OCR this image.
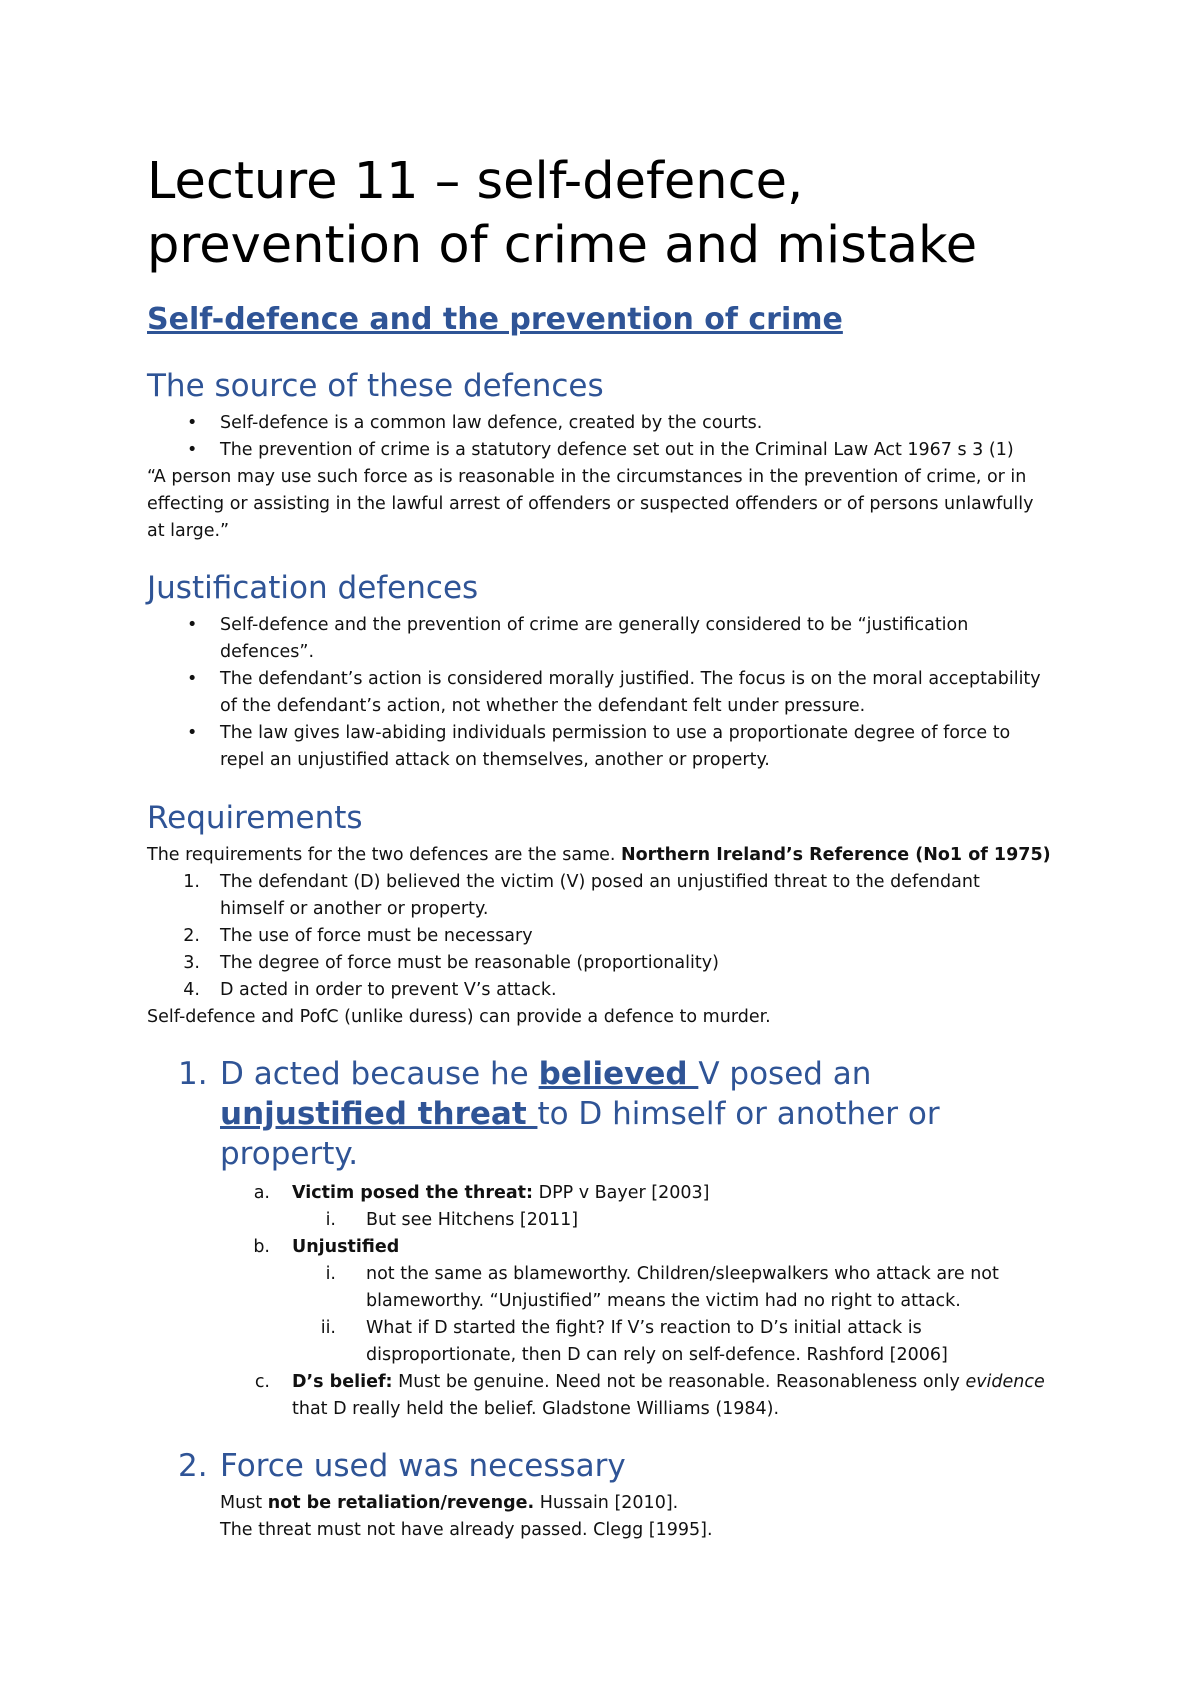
Lecture 11 – self-defence,
prevention of crime and mistake
Self-defence and the prevention of crime
The source of these defences
• Self-defence is a common law defence, created by the courts.

• The prevention of crime is a statutory defence set out in the Criminal Law Act 1967 s 3 (1)

“A person may use such force as is reasonable in the circumstances in the prevention of crime, or in

effecting or assisting in the lawful arrest of offenders or suspected offenders or of persons unlawfully

at large.”

Justification defences
• Self-defence and the prevention of crime are generally considered to be “justification

defences”.

• The defendant’s action is considered morally justified. The focus is on the moral acceptability

of the defendant’s action, not whether the defendant felt under pressure.

• The law gives law-abiding individuals permission to use a proportionate degree of force to

repel an unjustified attack on themselves, another or property.

Requirements

The requirements for the two defences are the same. Northern Ireland’s Reference (No1 of 1975)

1. The defendant (D) believed the victim (V) posed an unjustified threat to the defendant

himself or another or property.

2. The use of force must be necessary

3. The degree of force must be reasonable (proportionality)

4. D acted in order to prevent V’s attack.

Self-defence and PofC (unlike duress) can provide a defence to murder.

1. D acted because he believed V posed an
unjustified threat to D himself or another or
property.
a. Victim posed the threat: DPP v Bayer [2003]

i. But see Hitchens [2011]

b. Unjustified

i. not the same as blameworthy. Children/sleepwalkers who attack are not

blameworthy. “Unjustified” means the victim had no right to attack.

ii. What if D started the fight? If V’s reaction to D’s initial attack is

disproportionate, then D can rely on self-defence. Rashford [2006]

c. D’s belief: Must be genuine. Need not be reasonable. Reasonableness only evidence

that D really held the belief. Gladstone Williams (1984).

2. Force used was necessary

Must not be retaliation/revenge. Hussain [2010].

The threat must not have already passed. Clegg [1995].
